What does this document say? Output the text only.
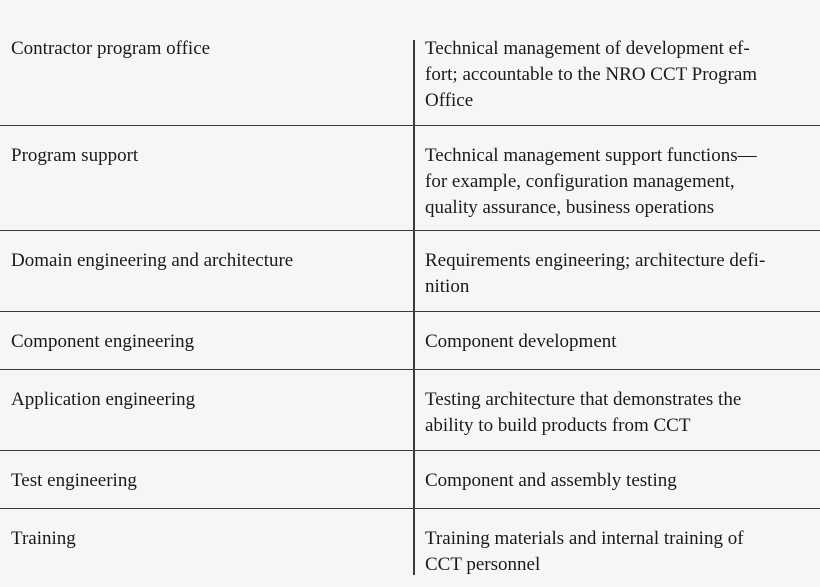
Contractor program office	Technical management of development ef-
fort; accountable to the NRO CCT Program
Office
Program support	Technical management support functions—
for example, configuration management,
quality assurance, business operations
Domain engineering and architecture	Requirements engineering; architecture defi-
nition
Component engineering	Component development
Application engineering	Testing architecture that demonstrates the
ability to build products from CCT
Test engineering	Component and assembly testing
Training	Training materials and internal training of
CCT personnel
